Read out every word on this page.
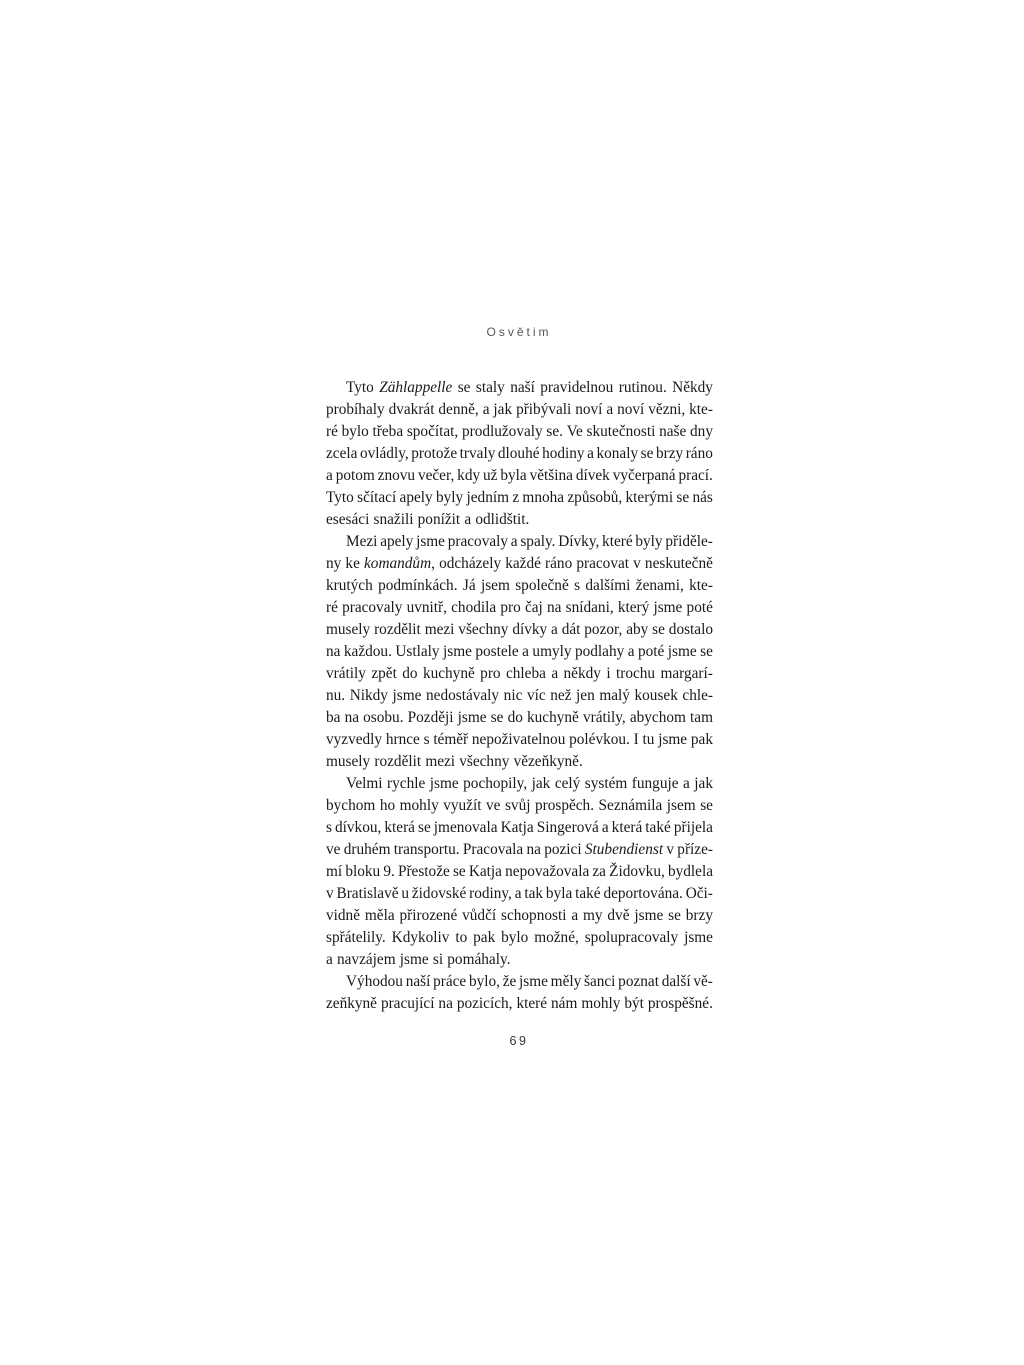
Osvětim
Tyto Zählappelle se staly naší pravidelnou rutinou. Někdy
probíhaly dvakrát denně, a jak přibývali noví a noví vězni, kte-
ré bylo třeba spočítat, prodlužovaly se. Ve skutečnosti naše dny
zcela ovládly, protože trvaly dlouhé hodiny a konaly se brzy ráno
a potom znovu večer, kdy už byla většina dívek vyčerpaná prací.
Tyto sčítací apely byly jedním z mnoha způsobů, kterými se nás
esesáci snažili ponížit a odlidštit.
Mezi apely jsme pracovaly a spaly. Dívky, které byly přiděle-
ny ke komandům, odcházely každé ráno pracovat v neskutečně
krutých podmínkách. Já jsem společně s dalšími ženami, kte-
ré pracovaly uvnitř, chodila pro čaj na snídani, který jsme poté
musely rozdělit mezi všechny dívky a dát pozor, aby se dostalo
na každou. Ustlaly jsme postele a umyly podlahy a poté jsme se
vrátily zpět do kuchyně pro chleba a někdy i trochu margarí-
nu. Nikdy jsme nedostávaly nic víc než jen malý kousek chle-
ba na osobu. Později jsme se do kuchyně vrátily, abychom tam
vyzvedly hrnce s téměř nepoživatelnou polévkou. I tu jsme pak
musely rozdělit mezi všechny vězeňkyně.
Velmi rychle jsme pochopily, jak celý systém funguje a jak
bychom ho mohly využít ve svůj prospěch. Seznámila jsem se
s dívkou, která se jmenovala Katja Singerová a která také přijela
ve druhém transportu. Pracovala na pozici Stubendienst v přízе-
mí bloku 9. Přestože se Katja nepovažovala za Židovku, bydlela
v Bratislavě u židovské rodiny, a tak byla také deportována. Oči-
vidně měla přirozené vůdčí schopnosti a my dvě jsme se brzy
spřátelily. Kdykoliv to pak bylo možné, spolupracovaly jsme
a navzájem jsme si pomáhaly.
Výhodou naší práce bylo, že jsme měly šanci poznat další vě-
zeňkyně pracující na pozicích, které nám mohly být prospěšné.
69
